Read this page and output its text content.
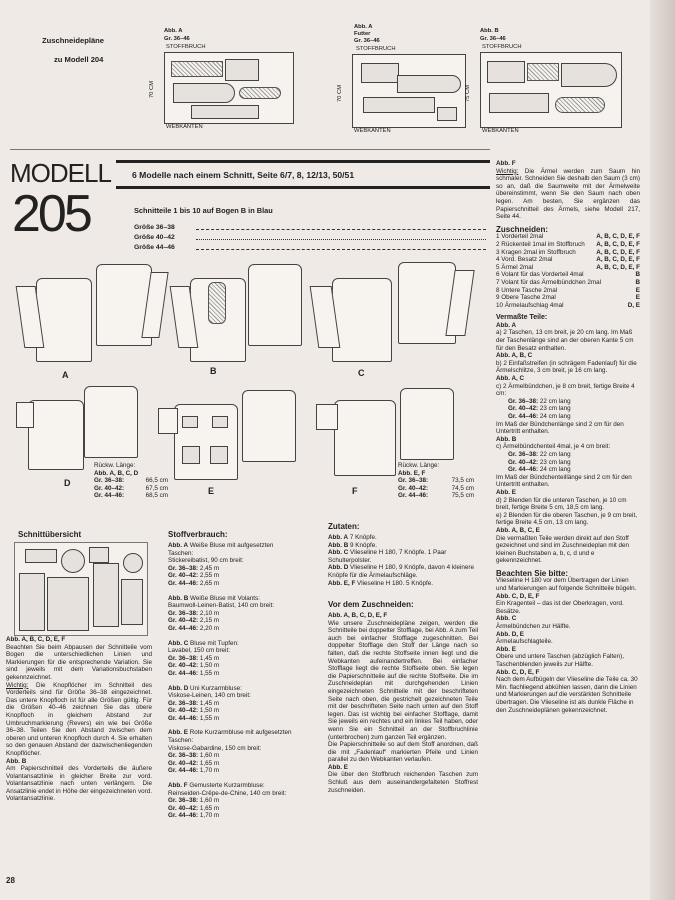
Zuschneidepläne
zu Modell 204
Abb. A
Gr. 36–46
STOFFBRUCH
70 CM
WEBKANTEN
Abb. A
Futter
Gr. 36–46
STOFFBRUCH
70 CM
WEBKANTEN
Abb. B
Gr. 36–46
STOFFBRUCH
75 CM
WEBKANTEN
MODELL
205
6 Modelle nach einem Schnitt, Seite 6/7, 8, 12/13, 50/51
Schnitteile 1 bis 10 auf Bogen B in Blau
Größe 36–38
Größe 40–42
Größe 44–46
A	B	C
D
E	F
Rückw. Länge:
Abb. A, B, C, D
Gr. 36–38:	66,5 cm
Gr. 40–42:	67,5 cm
Gr. 44–46:	68,5 cm
Rückw. Länge:
Abb. E, F
Gr. 36–38:	73,5 cm
Gr. 40–42:	74,5 cm
Gr. 44–46:	75,5 cm
Schnittübersicht

Abb. A, B, C, D, E, F

Beachten Sie beim Abpausen der Schnitteile vom Bogen die unterschiedlichen Linien und Markierungen für die entsprechende Variation. Sie sind jeweils mit dem Variationsbuchstaben gekennzeichnet.

Wichtig: Die Knopflöcher im Schnitteil des Vorderteils sind für Größe 36–38 eingezeichnet. Das untere Knopfloch ist für alle Größen gültig. Für die Größen 40–46 zeichnen Sie das obere Knopfloch in gleichem Abstand zur Umbruchmarkierung (Revers) ein wie bei Größe 36–38. Teilen Sie den Abstand zwischen dem oberen und unteren Knopfloch durch 4. Sie erhalten so den genauen Abstand der dazwischenliegenden Knopflöcher.

Abb. B

Am Papierschnitteil des Vorderteils die äußere Volantansatzlinie in gleicher Breite zur vord. Volantansatzlinie nach unten verlängern. Die Ansatzlinie endet in Höhe der eingezeichneten vord. Volantansatzlinie.

Stoffverbrauch:

Abb. A Weiße Bluse mit aufgesetzten Taschen:

Stickereibatist, 90 cm breit:

Gr. 36–38: 2,45 m

Gr. 40–42: 2,55 m

Gr. 44–46: 2,65 m

Abb. B Weiße Bluse mit Volants:

Baumwoll-Leinen-Batist, 140 cm breit:

Gr. 36–38: 2,10 m

Gr. 40–42: 2,15 m

Gr. 44–46: 2,20 m

Abb. C Bluse mit Tupfen:

Lavabel, 150 cm breit:

Gr. 36–38: 1,45 m

Gr. 40–42: 1,50 m

Gr. 44–46: 1,55 m

Abb. D Uni Kurzarmbluse:

Viskose-Leinen, 140 cm breit:

Gr. 36–38: 1,45 m

Gr. 40–42: 1,50 m

Gr. 44–46: 1,55 m

Abb. E Rote Kurzarmbluse mit aufgesetzten Taschen:

Viskose-Gabardine, 150 cm breit:

Gr. 36–38: 1,60 m

Gr. 40–42: 1,65 m

Gr. 44–46: 1,70 m

Abb. F Gemusterte Kurzarmbluse:

Reinseiden-Crêpe-de-Chine, 140 cm breit:

Gr. 36–38: 1,60 m

Gr. 40–42: 1,65 m

Gr. 44–46: 1,70 m

Zutaten:

Abb. A 7 Knöpfe.

Abb. B 9 Knöpfe.

Abb. C Vlieseline H 180, 7 Knöpfe. 1 Paar Schulterpolster.

Abb. D Vlieseline H 180, 9 Knöpfe, davon 4 kleinere Knöpfe für die Ärmelaufschläge.

Abb. E, F Vlieseline H 180. 5 Knöpfe.

Vor dem Zuschneiden:

Abb. A, B, C, D, E, F

Wie unsere Zuschneidepläne zeigen, werden die Schnitteile bei doppelter Stofflage, bei Abb. A zum Teil auch bei einfacher Stofflage zugeschnitten. Bei doppelter Stofflage den Stoff der Länge nach so falten, daß die rechte Stoffseite innen liegt und die Webkanten aufeinandertreffen. Bei einfacher Stofflage liegt die rechte Stoffseite oben. Sie legen die Papierschnitteile auf die rechte Stoffseite. Die im Zuschneideplan mit durchgehenden Linien eingezeichneten Schnitteile mit der beschrifteten Seite nach oben, die gestrichelt gezeichneten Teile mit der beschrifteten Seite nach unten auf den Stoff legen. Das ist wichtig bei einfacher Stofflage, damit Sie jeweils ein rechtes und ein linkes Teil haben, oder wenn Sie ein Schnitteil an der Stoffbruchlinie (unterbrochen) zum ganzen Teil ergänzen.

Die Papierschnitteile so auf dem Stoff anordnen, daß die mit „Fadenlauf“ markierten Pfeile und Linien parallel zu den Webkanten verlaufen.

Abb. E

Die über den Stoffbruch reichenden Taschen zum Schluß aus dem auseinandergefalteten Stoffrest zuschneiden.

Abb. F

Wichtig: Die Ärmel werden zum Saum hin schmaler. Schneiden Sie deshalb den Saum (3 cm) so an, daß die Saumweite mit der Ärmelweite übereinstimmt, wenn Sie den Saum nach oben legen. Am besten, Sie ergänzen das Papierschnitteil des Ärmels, siehe Modell 217, Seite 44.

Zuschneiden:

1 Vorderteil 2mal	A, B, C, D, E, F
2 Rückenteil 1mal im Stoffbruch A, B, C, D, E, F
3 Kragen 2mal im Stoffbruch	A, B, C, D, E, F
4 Vord. Besatz 2mal	A, B, C, D, E, F
5 Ärmel 2mal	A, B, C, D, E, F
6 Volant für das Vorderteil 4mal	B
7 Volant für das Ärmelbündchen 2mal	B
8 Untere Tasche 2mal	E
9 Obere Tasche 2mal	E
10 Ärmelaufschlag 4mal	D, E

Vermaßte Teile:

Abb. A

a) 2 Taschen, 13 cm breit, je 20 cm lang. Im Maß der Taschenlänge sind an der oberen Kante 5 cm für den Besatz enthalten.

Abb. A, B, C

b) 2 Einfaßstreifen (in schrägem Fadenlauf) für die Ärmelschlitze, 3 cm breit, je 16 cm lang.

Abb. A, C

c) 2 Ärmelbündchen, je 8 cm breit, fertige Breite 4 cm:

Gr. 36–38: 22 cm lang

Gr. 40–42: 23 cm lang

Gr. 44–46: 24 cm lang

Im Maß der Bündchenlänge sind 2 cm für den Untertritt enthalten.

Abb. B

c) Ärmelbündchenteil 4mal, je 4 cm breit:

Gr. 36–38: 22 cm lang

Gr. 40–42: 23 cm lang

Gr. 44–46: 24 cm lang

Im Maß der Bündchenteillänge sind 2 cm für den Untertritt enthalten.

Abb. E

d) 2 Blenden für die unteren Taschen, je 10 cm breit, fertige Breite 5 cm, 18,5 cm lang.

e) 2 Blenden für die oberen Taschen, je 9 cm breit, fertige Breite 4,5 cm, 13 cm lang.

Abb. A, B, C, E

Die vermaßten Teile werden direkt auf den Stoff gezeichnet und sind im Zuschneideplan mit den kleinen Buchstaben a, b, c, d und e gekennzeichnet.

Beachten Sie bitte:

Vlieseline H 180 vor dem Übertragen der Linien und Markierungen auf folgende Schnitteile bügeln.

Abb. C, D, E, F

Ein Kragenteil – das ist der Oberkragen, vord. Besätze.

Abb. C

Ärmelbündchen zur Hälfte.

Abb. D, E

Ärmelaufschlagteile.

Abb. E

Obere und untere Taschen (abzüglich Falten), Taschenblenden jeweils zur Hälfte.

Abb. C, D, E, F

Nach dem Aufbügeln der Vlieseline die Teile ca. 30 Min. flachliegend abkühlen lassen, dann die Linien und Markierungen auf die verstärkten Schnitteile übertragen. Die Vlieseline ist als dunkle Fläche in den Zuschneideplänen gekennzeichnet.

28
